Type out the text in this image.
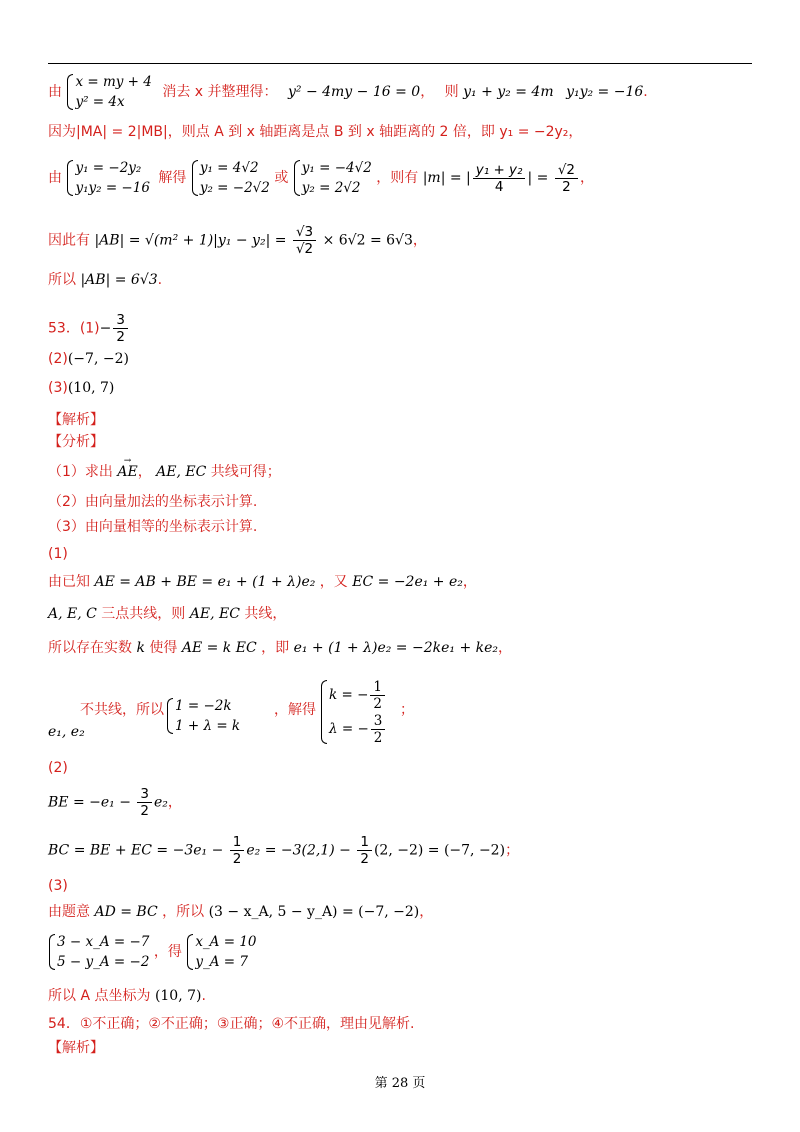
由
x = my + 4
y² = 4x
消去 x 并整理得： y² − 4my − 16 = 0， 则 y₁ + y₂ = 4m y₁y₂ = −16.
因为|MA| = 2|MB|，则点 A 到 x 轴距离是点 B 到 x 轴距离的 2 倍，即 y₁ = −2y₂，
由
y₁ = −2y₂
y₁y₂ = −16
解得
y₁ = 4√2
y₂ = −2√2
或
y₁ = −4√2
y₂ = 2√2
，则有 |m| = | $\frac{\text{y₁ + y₂}}{4}$ | = $\frac{√2}{2}$ ，
因此有 $|AB| = √(m^2 + 1)|y_1 - y_2| = \frac{√3}{√2} \times 6√2 = 6√3$，
所以 |AB| = 6√3.
53．$(1)- \frac{3}{2}$
(2)(−7, −2)
(3)(10, 7)
【解析】
【分析】
（1）求出 AE →， AE, EC 共线可得；
（2）由向量加法的坐标表示计算.
（3）由向量相等的坐标表示计算.
(1)
由已知 AE = AB + BE = e₁ + (1 + λ)e₂ ，又 EC = −2e₁ + e₂，
A, E, C 三点共线，则 AE, EC 共线，
所以存在实数 k 使得 AE = k EC ，即 e₁ + (1 + λ)e₂ = −2ke₁ + ke₂，
e₁, e₂
不共线，所以 1 = −2k
1 + λ = k
，解得
k = − $\frac{1}{2}$
λ = − $\frac{3}{2}$
；
(2)
BE = $-e_1 - \frac{3}{2} e_2$，
BC = BE + EC = $-3e_1 - \frac{1}{2} e_2 = -3(2,1) - \frac{1}{2} (2$, −2) = (−7, −2)；
(3)
由题意 AD = BC ，所以 (3 − x_A, 5 − y_A) = (−7, −2)，
3 − x_A = −7
5 − y_A = −2
，得
x_A = 10
y_A = 7
所以 A 点坐标为 (10, 7).
54．①不正确；②不正确；③正确；④不正确，理由见解析.
【解析】
第 28 页
